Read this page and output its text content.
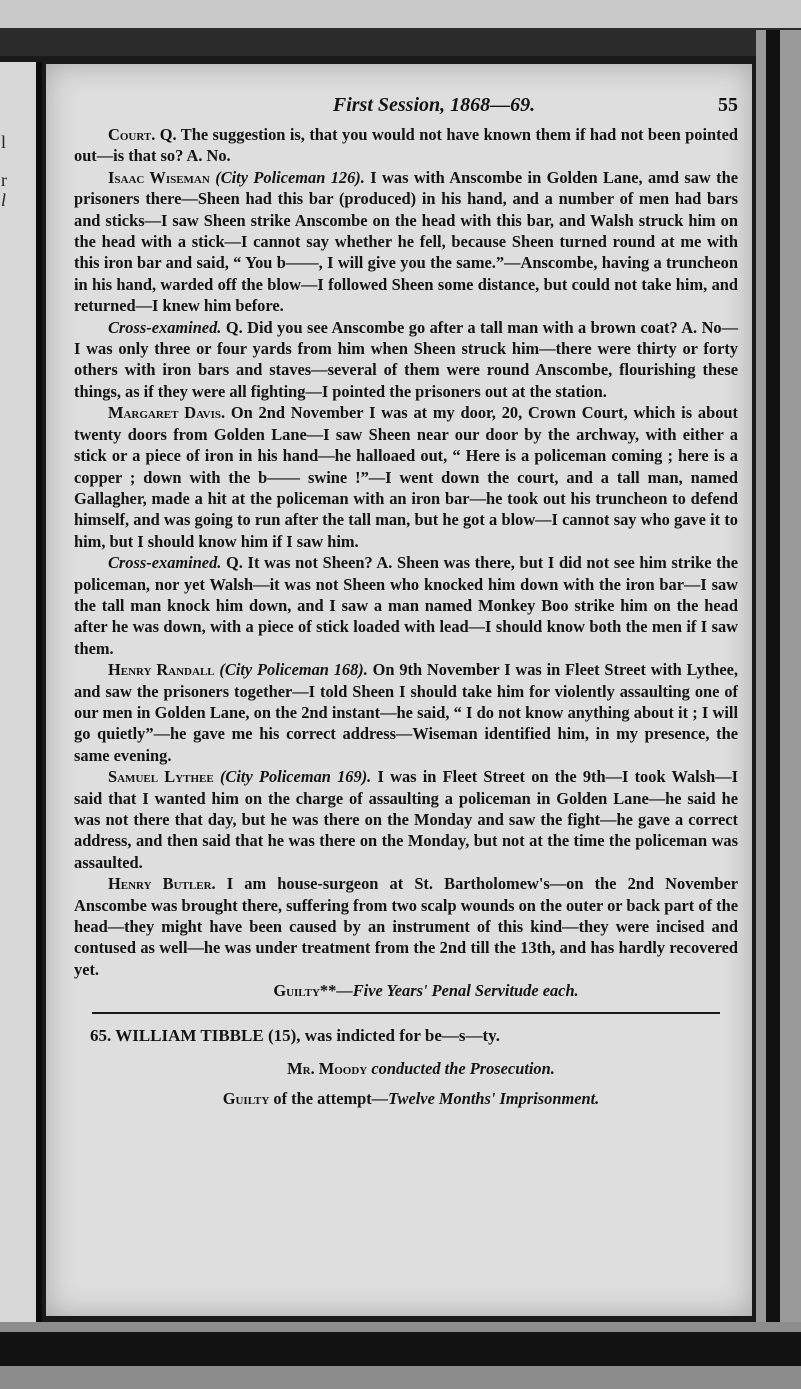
l
r
l
First Session, 1868—69.	55

Court. Q. The suggestion is, that you would not have known them if had not been pointed out—is that so? A. No.

Isaac Wiseman (City Policeman 126). I was with Anscombe in Golden Lane, amd saw the prisoners there—Sheen had this bar (produced) in his hand, and a number of men had bars and sticks—I saw Sheen strike Anscombe on the head with this bar, and Walsh struck him on the head with a stick—I cannot say whether he fell, because Sheen turned round at me with this iron bar and said, “ You b——, I will give you the same.”—Anscombe, having a truncheon in his hand, warded off the blow—I followed Sheen some distance, but could not take him, and returned—I knew him before.

Cross-examined. Q. Did you see Anscombe go after a tall man with a brown coat? A. No—I was only three or four yards from him when Sheen struck him—there were thirty or forty others with iron bars and staves—several of them were round Anscombe, flourishing these things, as if they were all fighting—I pointed the prisoners out at the station.

Margaret Davis. On 2nd November I was at my door, 20, Crown Court, which is about twenty doors from Golden Lane—I saw Sheen near our door by the archway, with either a stick or a piece of iron in his hand—he halloaed out, “ Here is a policeman coming ; here is a copper ; down with the b—— swine !”—I went down the court, and a tall man, named Gallagher, made a hit at the policeman with an iron bar—he took out his truncheon to defend himself, and was going to run after the tall man, but he got a blow—I cannot say who gave it to him, but I should know him if I saw him.

Cross-examined. Q. It was not Sheen? A. Sheen was there, but I did not see him strike the policeman, nor yet Walsh—it was not Sheen who knocked him down with the iron bar—I saw the tall man knock him down, and I saw a man named Monkey Boo strike him on the head after he was down, with a piece of stick loaded with lead—I should know both the men if I saw them.

Henry Randall (City Policeman 168). On 9th November I was in Fleet Street with Lythee, and saw the prisoners together—I told Sheen I should take him for violently assaulting one of our men in Golden Lane, on the 2nd instant—he said, “ I do not know anything about it ; I will go quietly”—he gave me his correct address—Wiseman identified him, in my presence, the same evening.

Samuel Lythee (City Policeman 169). I was in Fleet Street on the 9th—I took Walsh—I said that I wanted him on the charge of assaulting a policeman in Golden Lane—he said he was not there that day, but he was there on the Monday and saw the fight—he gave a correct address, and then said that he was there on the Monday, but not at the time the policeman was assaulted.

Henry Butler. I am house-surgeon at St. Bartholomew's—on the 2nd November Anscombe was brought there, suffering from two scalp wounds on the outer or back part of the head—they might have been caused by an instrument of this kind—they were incised and contused as well—he was under treatment from the 2nd till the 13th, and has hardly recovered yet.

Guilty**—Five Years' Penal Servitude each.

65. WILLIAM TIBBLE (15), was indicted for be—s—ty.

Mr. Moody conducted the Prosecution.

Guilty of the attempt—Twelve Months' Imprisonment.
